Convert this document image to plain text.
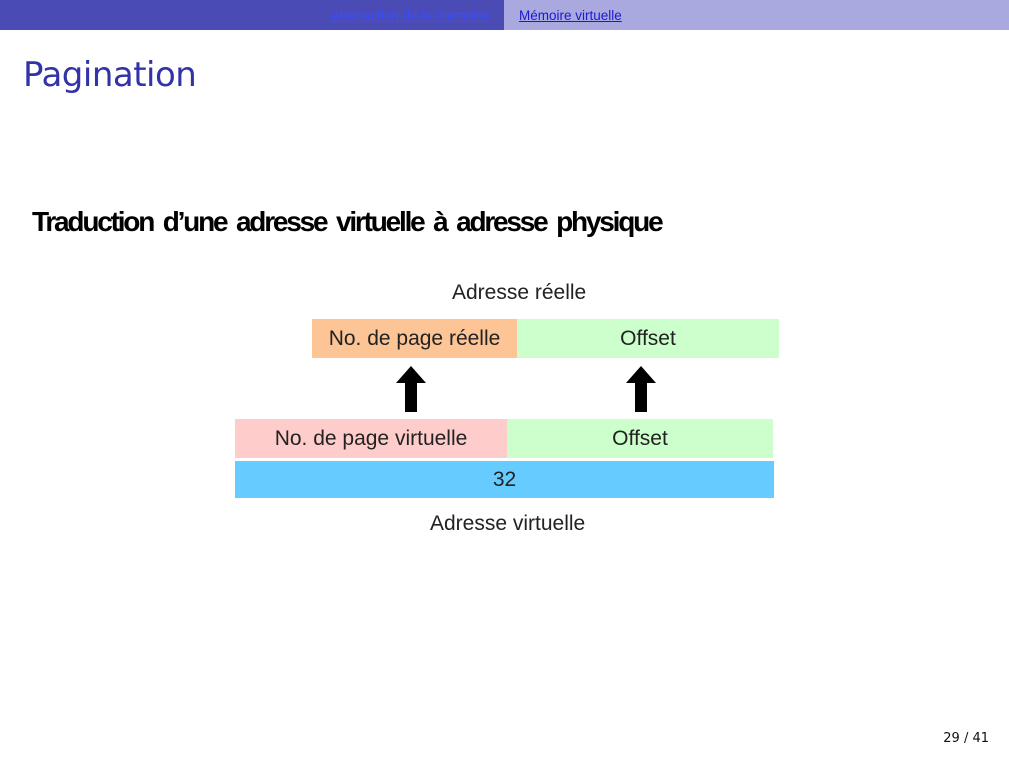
Abstraction de la mémoire Mémoire virtuelle
Pagination
Traduction d’une adresse virtuelle à adresse physique
Adresse réelle
No. de page réelle	Offset
No. de page virtuelle	Offset
32
Adresse virtuelle
29 / 41
